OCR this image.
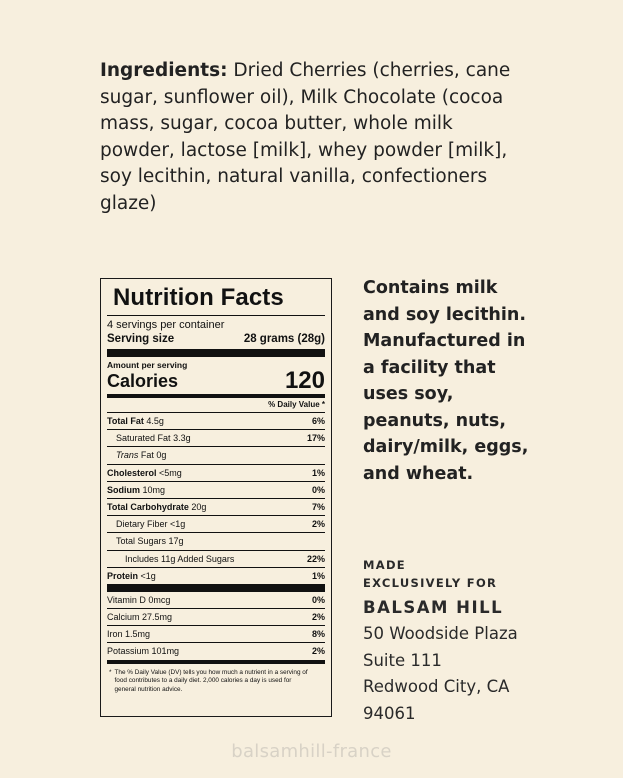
Ingredients: Dried Cherries (cherries, cane sugar, sunflower oil), Milk Chocolate (cocoa mass, sugar, cocoa butter, whole milk powder, lactose [milk], whey powder [milk], soy lecithin, natural vanilla, confectioners glaze)
Nutrition Facts
4 servings per container
Serving size	28 grams (28g)
Amount per serving
Calories	120
% Daily Value *
Total Fat 4.5g	6%
Saturated Fat 3.3g	17%
Trans Fat 0g
Cholesterol <5mg	1%
Sodium 10mg	0%
Total Carbohydrate 20g	7%
Dietary Fiber <1g	2%
Total Sugars 17g
Includes 11g Added Sugars	22%
Protein <1g	1%
Vitamin D 0mcg	0%
Calcium 27.5mg	2%
Iron 1.5mg	8%
Potassium 101mg	2%
* The % Daily Value (DV) tells you how much a nutrient in a serving of food contributes to a daily diet. 2,000 calories a day is used for general nutrition advice.
Contains milk and soy lecithin. Manufactured in a facility that uses soy, peanuts, nuts, dairy/milk, eggs, and wheat.
MADE
EXCLUSIVELY FOR
BALSAM HILL
50 Woodside Plaza
Suite 111
Redwood City, CA
94061
balsamhill-france
